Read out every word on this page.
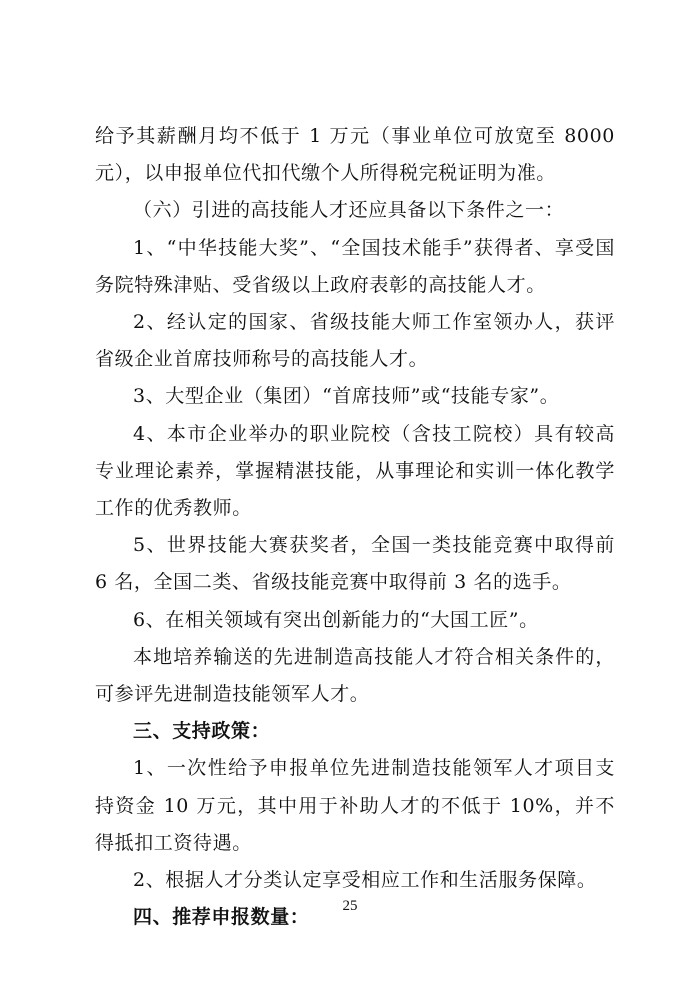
给予其薪酬月均不低于 1 万元（事业单位可放宽至 8000 元），以申报单位代扣代缴个人所得税完税证明为准。

（六）引进的高技能人才还应具备以下条件之一：

1、“中华技能大奖”、“全国技术能手”获得者、享受国务院特殊津贴、受省级以上政府表彰的高技能人才。

2、经认定的国家、省级技能大师工作室领办人，获评省级企业首席技师称号的高技能人才。

3、大型企业（集团）“首席技师”或“技能专家”。

4、本市企业举办的职业院校（含技工院校）具有较高专业理论素养，掌握精湛技能，从事理论和实训一体化教学工作的优秀教师。

5、世界技能大赛获奖者，全国一类技能竞赛中取得前 6 名，全国二类、省级技能竞赛中取得前 3 名的选手。

6、在相关领域有突出创新能力的“大国工匠”。

本地培养输送的先进制造高技能人才符合相关条件的，可参评先进制造技能领军人才。

三、支持政策：

1、一次性给予申报单位先进制造技能领军人才项目支持资金 10 万元，其中用于补助人才的不低于 10%，并不得抵扣工资待遇。

2、根据人才分类认定享受相应工作和生活服务保障。

四、推荐申报数量：

25
